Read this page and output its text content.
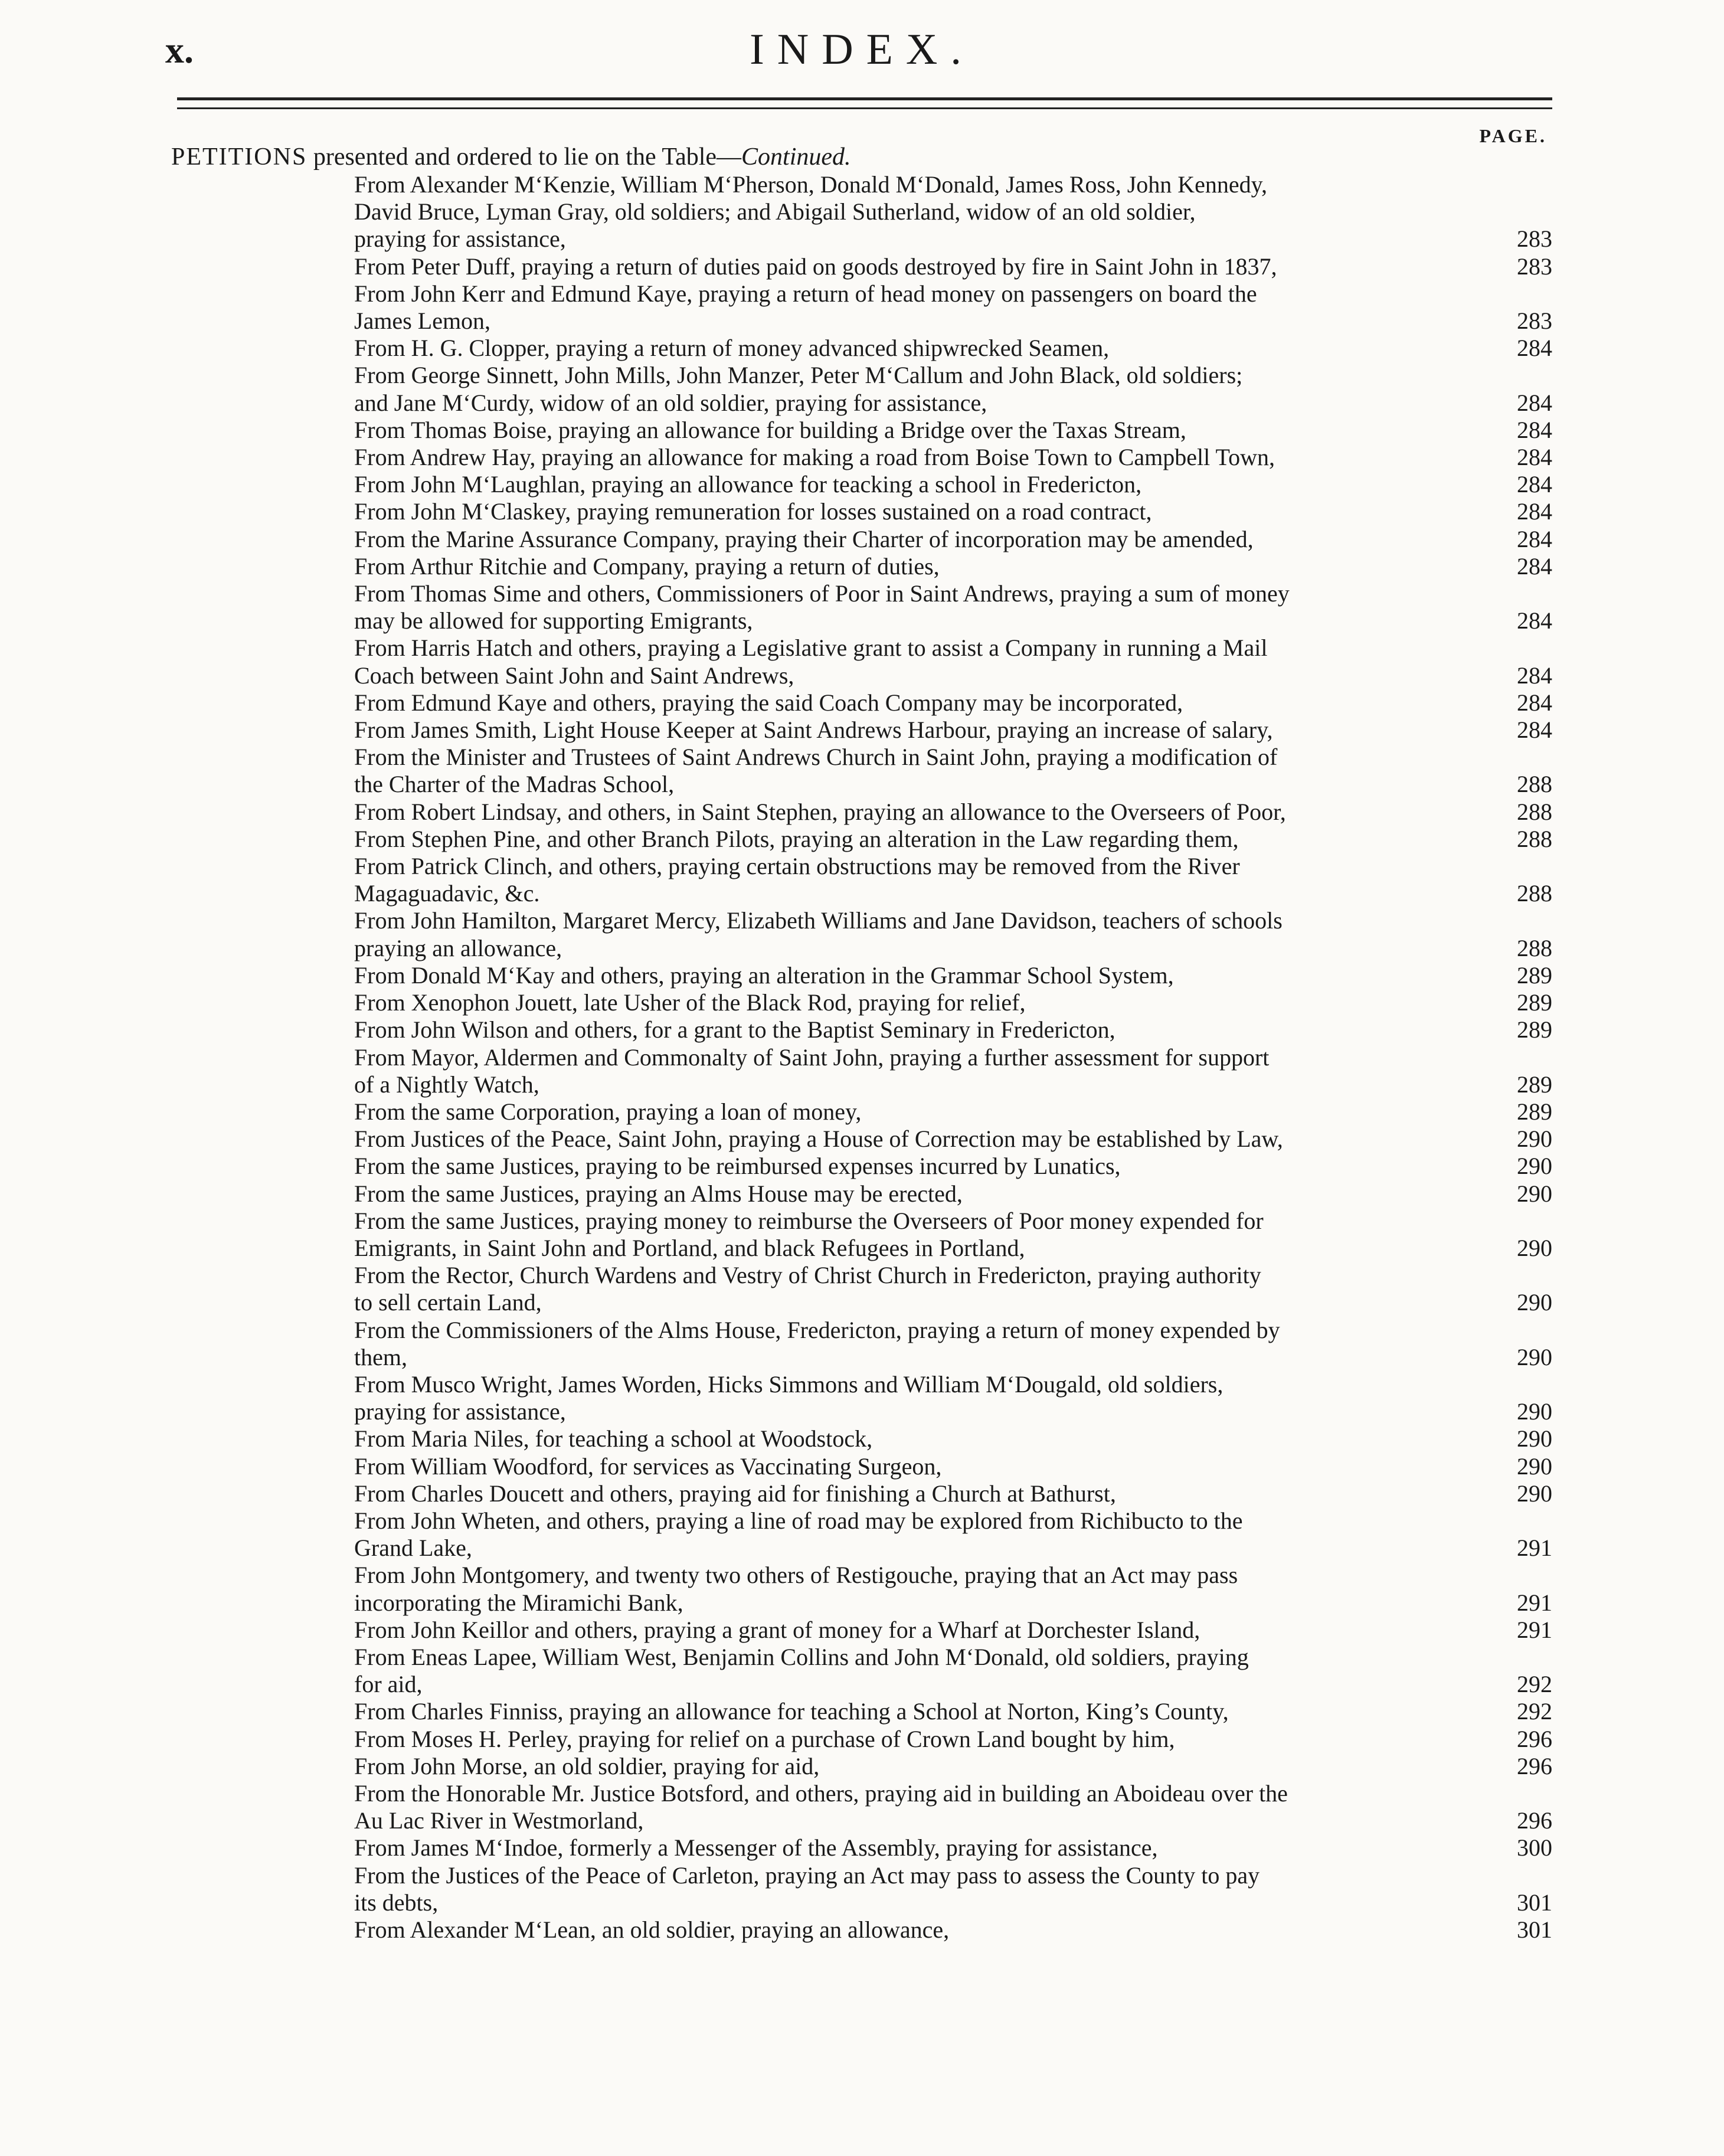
x.	INDEX.
PAGE.
PETITIONS presented and ordered to lie on the Table—Continued.
From Alexander M‘Kenzie, William M‘Pherson, Donald M‘Donald, James Ross, John Kennedy,
David Bruce, Lyman Gray, old soldiers; and Abigail Sutherland, widow of an old soldier,
praying for assistance,	283
From Peter Duff, praying a return of duties paid on goods destroyed by fire in Saint John in 1837,	283
From John Kerr and Edmund Kaye, praying a return of head money on passengers on board the
James Lemon,	283
From H. G. Clopper, praying a return of money advanced shipwrecked Seamen,	284
From George Sinnett, John Mills, John Manzer, Peter M‘Callum and John Black, old soldiers;
and Jane M‘Curdy, widow of an old soldier, praying for assistance,	284
From Thomas Boise, praying an allowance for building a Bridge over the Taxas Stream,	284
From Andrew Hay, praying an allowance for making a road from Boise Town to Campbell Town,	284
From John M‘Laughlan, praying an allowance for teacking a school in Fredericton,	284
From John M‘Claskey, praying remuneration for losses sustained on a road contract,	284
From the Marine Assurance Company, praying their Charter of incorporation may be amended,	284
From Arthur Ritchie and Company, praying a return of duties,	284
From Thomas Sime and others, Commissioners of Poor in Saint Andrews, praying a sum of money
may be allowed for supporting Emigrants,	284
From Harris Hatch and others, praying a Legislative grant to assist a Company in running a Mail
Coach between Saint John and Saint Andrews,	284
From Edmund Kaye and others, praying the said Coach Company may be incorporated,	284
From James Smith, Light House Keeper at Saint Andrews Harbour, praying an increase of salary,	284
From the Minister and Trustees of Saint Andrews Church in Saint John, praying a modification of
the Charter of the Madras School,	288
From Robert Lindsay, and others, in Saint Stephen, praying an allowance to the Overseers of Poor,	288
From Stephen Pine, and other Branch Pilots, praying an alteration in the Law regarding them,	288
From Patrick Clinch, and others, praying certain obstructions may be removed from the River
Magaguadavic, &c.	288
From John Hamilton, Margaret Mercy, Elizabeth Williams and Jane Davidson, teachers of schools
praying an allowance,	288
From Donald M‘Kay and others, praying an alteration in the Grammar School System,	289
From Xenophon Jouett, late Usher of the Black Rod, praying for relief,	289
From John Wilson and others, for a grant to the Baptist Seminary in Fredericton,	289
From Mayor, Aldermen and Commonalty of Saint John, praying a further assessment for support
of a Nightly Watch,	289
From the same Corporation, praying a loan of money,	289
From Justices of the Peace, Saint John, praying a House of Correction may be established by Law,	290
From the same Justices, praying to be reimbursed expenses incurred by Lunatics,	290
From the same Justices, praying an Alms House may be erected,	290
From the same Justices, praying money to reimburse the Overseers of Poor money expended for
Emigrants, in Saint John and Portland, and black Refugees in Portland,	290
From the Rector, Church Wardens and Vestry of Christ Church in Fredericton, praying authority
to sell certain Land,	290
From the Commissioners of the Alms House, Fredericton, praying a return of money expended by
them,	290
From Musco Wright, James Worden, Hicks Simmons and William M‘Dougald, old soldiers,
praying for assistance,	290
From Maria Niles, for teaching a school at Woodstock,	290
From William Woodford, for services as Vaccinating Surgeon,	290
From Charles Doucett and others, praying aid for finishing a Church at Bathurst,	290
From John Wheten, and others, praying a line of road may be explored from Richibucto to the
Grand Lake,	291
From John Montgomery, and twenty two others of Restigouche, praying that an Act may pass
incorporating the Miramichi Bank,	291
From John Keillor and others, praying a grant of money for a Wharf at Dorchester Island,	291
From Eneas Lapee, William West, Benjamin Collins and John M‘Donald, old soldiers, praying
for aid,	292
From Charles Finniss, praying an allowance for teaching a School at Norton, King’s County,	292
From Moses H. Perley, praying for relief on a purchase of Crown Land bought by him,	296
From John Morse, an old soldier, praying for aid,	296
From the Honorable Mr. Justice Botsford, and others, praying aid in building an Aboideau over the
Au Lac River in Westmorland,	296
From James M‘Indoe, formerly a Messenger of the Assembly, praying for assistance,	300
From the Justices of the Peace of Carleton, praying an Act may pass to assess the County to pay
its debts,	301
From Alexander M‘Lean, an old soldier, praying an allowance,	301
